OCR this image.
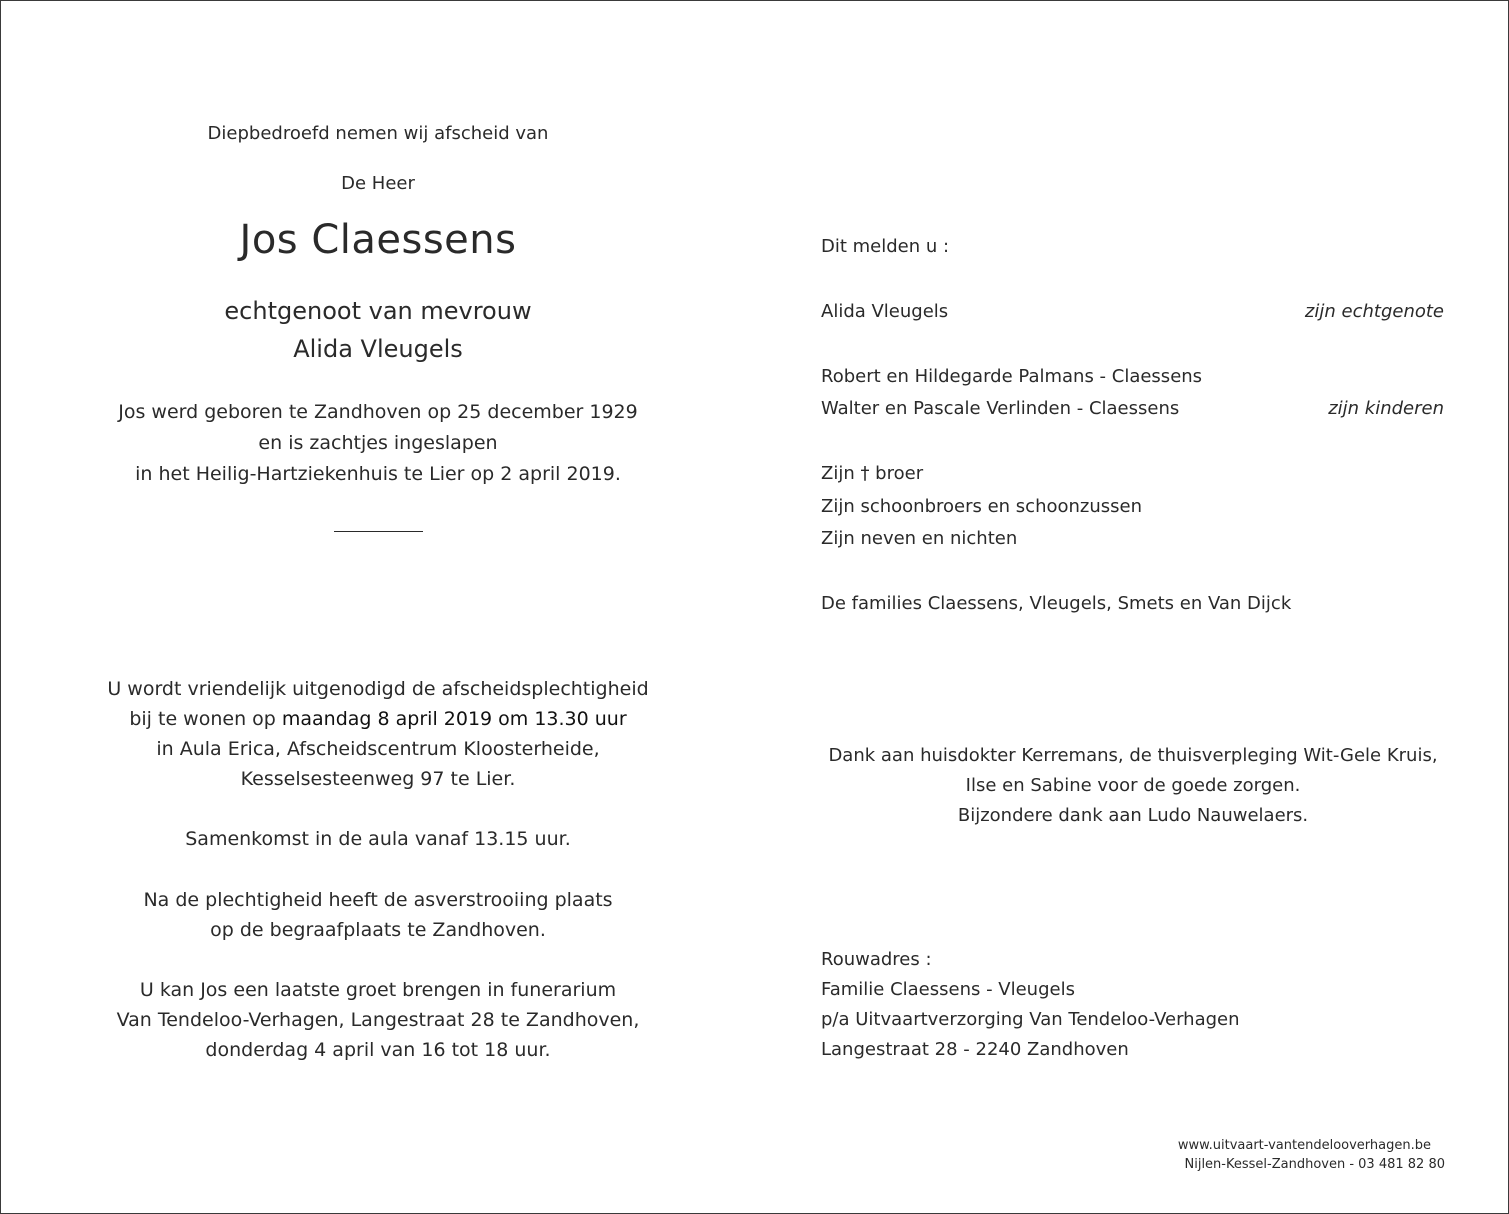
Diepbedroefd nemen wij afscheid van
De Heer
Jos Claessens
echtgenoot van mevrouw
Alida Vleugels
Jos werd geboren te Zandhoven op 25 december 1929
en is zachtjes ingeslapen
in het Heilig-Hartziekenhuis te Lier op 2 april 2019.
U wordt vriendelijk uitgenodigd de afscheidsplechtigheid
bij te wonen op maandag 8 april 2019 om 13.30 uur
in Aula Erica, Afscheidscentrum Kloosterheide,
Kesselsesteenweg 97 te Lier.
Samenkomst in de aula vanaf 13.15 uur.
Na de plechtigheid heeft de asverstrooiing plaats
op de begraafplaats te Zandhoven.
U kan Jos een laatste groet brengen in funerarium
Van Tendeloo-Verhagen, Langestraat 28 te Zandhoven,
donderdag 4 april van 16 tot 18 uur.
Dit melden u :
Alida Vleugels	zijn echtgenote
Robert en Hildegarde Palmans - Claessens
Walter en Pascale Verlinden - Claessens	zijn kinderen
Zijn † broer
Zijn schoonbroers en schoonzussen
Zijn neven en nichten
De families Claessens, Vleugels, Smets en Van Dijck
Dank aan huisdokter Kerremans, de thuisverpleging Wit-Gele Kruis,
Ilse en Sabine voor de goede zorgen.
Bijzondere dank aan Ludo Nauwelaers.
Rouwadres :
Familie Claessens - Vleugels
p/a Uitvaartverzorging Van Tendeloo-Verhagen
Langestraat 28 - 2240 Zandhoven
www.uitvaart-vantendelooverhagen.be
Nijlen-Kessel-Zandhoven - 03 481 82 80
